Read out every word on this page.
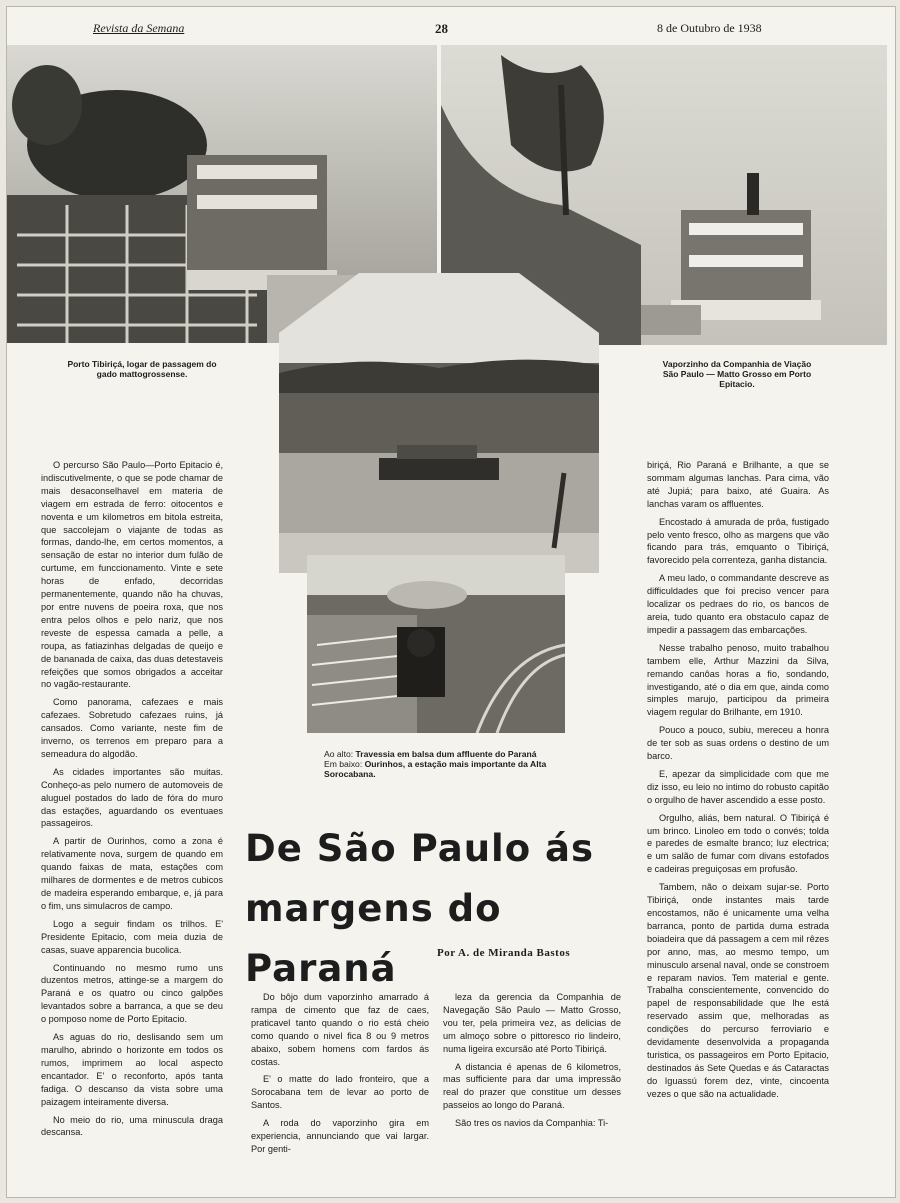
Revista da Semana	28	8 de Outubro de 1938
Porto Tibiriçá, logar de passagem do gado mattogrossense.
Vaporzinho da Companhia de Viação São Paulo — Matto Grosso em Porto Epitacio.
Ao alto: Travessia em balsa dum affluente do Paraná
Em baixo: Ourinhos, a estação mais importante da Alta Sorocabana.

O percurso São Paulo—Porto Epitacio é, indiscutivelmente, o que se pode chamar de mais desaconselhavel em materia de viagem em estrada de ferro: oitocentos e noventa e um kilometros em bitola estreita, que saccolejam o viajante de todas as formas, dando-lhe, em certos momentos, a sensação de estar no interior dum fulão de curtume, em funccionamento. Vinte e sete horas de enfado, decorridas permanentemente, quando não ha chuvas, por entre nuvens de poeira roxa, que nos entra pelos olhos e pelo nariz, que nos reveste de espessa camada a pelle, a roupa, as fatiazinhas delgadas de queijo e de bananada de caixa, das duas detestaveis refeições que somos obrigados a acceitar no vagão-restaurante.

Como panorama, cafezaes e mais cafezaes. Sobretudo cafezaes ruins, já cansados. Como variante, neste fim de inverno, os terrenos em preparo para a semeadura do algodão.

As cidades importantes são muitas. Conheço-as pelo numero de automoveis de aluguel postados do lado de fóra do muro das estações, aguardando os eventuaes passageiros.

A partir de Ourinhos, como a zona é relativamente nova, surgem de quando em quando faixas de mata, estações com milhares de dormentes e de metros cubicos de madeira esperando embarque, e, já para o fim, uns simulacros de campo.

Logo a seguir findam os trilhos. E' Presidente Epitacio, com meia duzia de casas, suave apparencia bucolica.

Continuando no mesmo rumo uns duzentos metros, attinge-se a margem do Paraná e os quatro ou cinco galpões levantados sobre a barranca, a que se deu o pomposo nome de Porto Epitacio.

As aguas do rio, deslisando sem um marulho, abrindo o horizonte em todos os rumos, imprimem ao local aspecto encantador. E' o reconforto, após tanta fadiga. O descanso da vista sobre uma paizagem inteiramente diversa.

No meio do rio, uma minuscula draga descansa.

De São Paulo ás margens do Paraná	Por A. de Miranda Bastos

Do bôjo dum vaporzinho amarrado á rampa de cimento que faz de caes, praticavel tanto quando o rio está cheio como quando o nivel fica 8 ou 9 metros abaixo, sobem homens com fardos ás costas.

E' o matte do lado fronteiro, que a Sorocabana tem de levar ao porto de Santos.

A roda do vaporzinho gira em experiencia, annunciando que vai largar. Por genti-

leza da gerencia da Companhia de Navegação São Paulo — Matto Grosso, vou ter, pela primeira vez, as delicias de um almoço sobre o pittoresco rio lindeiro, numa ligeira excursão até Porto Tibiriçá.

A distancia é apenas de 6 kilometros, mas sufficiente para dar uma impressão real do prazer que constitue um desses passeios ao longo do Paraná.

São tres os navios da Companhia: Ti-

biriçá, Rio Paraná e Brilhante, a que se sommam algumas lanchas. Para cima, vão até Jupiá; para baixo, até Guaira. As lanchas varam os affluentes.

Encostado á amurada de prôa, fustigado pelo vento fresco, olho as margens que vão ficando para trás, emquanto o Tibiriçá, favorecido pela correnteza, ganha distancia.

A meu lado, o commandante descreve as difficuldades que foi preciso vencer para localizar os pedraes do rio, os bancos de areia, tudo quanto era obstaculo capaz de impedir a passagem das embarcações.

Nesse trabalho penoso, muito trabalhou tambem elle, Arthur Mazzini da Silva, remando canôas horas a fio, sondando, investigando, até o dia em que, ainda como simples marujo, participou da primeira viagem regular do Brilhante, em 1910.

Pouco a pouco, subiu, mereceu a honra de ter sob as suas ordens o destino de um barco.

E, apezar da simplicidade com que me diz isso, eu leio no intimo do robusto capitão o orgulho de haver ascendido a esse posto.

Orgulho, aliás, bem natural. O Tibiriçá é um brinco. Linoleo em todo o convés; tolda e paredes de esmalte branco; luz electrica; e um salão de fumar com divans estofados e cadeiras preguiçosas em profusão.

Tambem, não o deixam sujar-se. Porto Tibiriçá, onde instantes mais tarde encostamos, não é unicamente uma velha barranca, ponto de partida duma estrada boiadeira que dá passagem a cem mil rêzes por anno, mas, ao mesmo tempo, um minusculo arsenal naval, onde se constroem e reparam navios. Tem material e gente. Trabalha conscientemente, convencido do papel de responsabilidade que lhe está reservado assim que, melhoradas as condições do percurso ferroviario e devidamente desenvolvida a propaganda turistica, os passageiros em Porto Epitacio, destinados ás Sete Quedas e ás Cataractas do Iguassú forem dez, vinte, cincoenta vezes o que são na actualidade.
